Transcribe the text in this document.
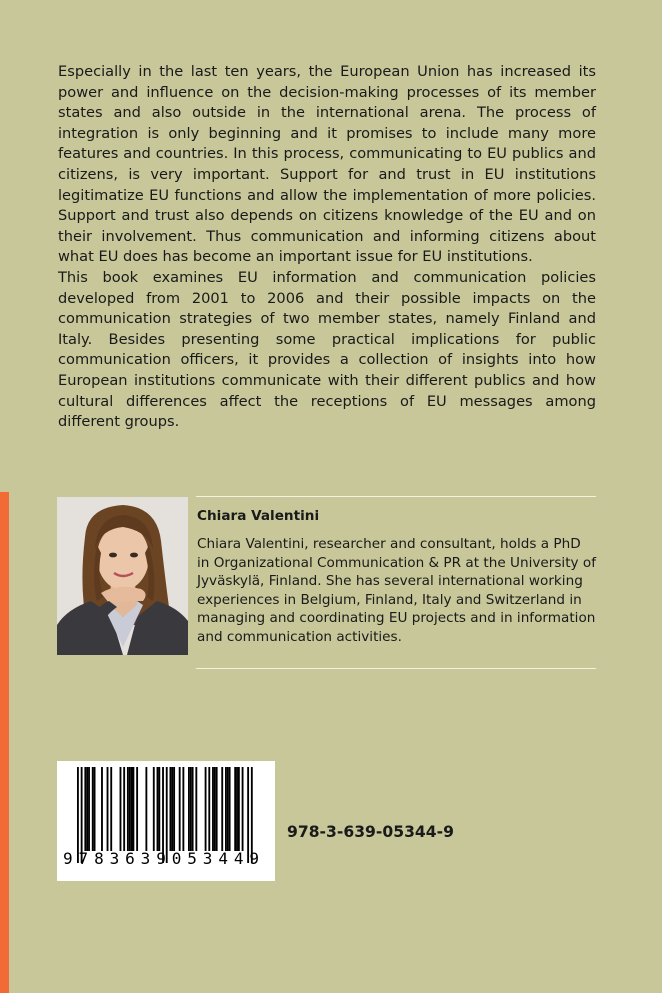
Especially in the last ten years, the European Union has increased its power and influence on the decision-making processes of its member states and also outside in the international arena. The process of integration is only beginning and it promises to include many more features and countries. In this process, communicating to EU publics and citizens, is very important. Support for and trust in EU institutions legitimatize EU functions and allow the implementation of more policies. Support and trust also depends on citizens knowledge of the EU and on their involvement. Thus communication and informing citizens about what EU does has become an important issue for EU institutions.

This book examines EU information and communication policies developed from 2001 to 2006 and their possible impacts on the communication strategies of two member states, namely Finland and Italy. Besides presenting some practical implications for public communication officers, it provides a collection of insights into how European institutions communicate with their different publics and how cultural differences affect the receptions of EU messages among different groups.

Chiara Valentini

Chiara Valentini, researcher and consultant, holds a PhD in Organizational Communication & PR at the University of Jyväskylä, Finland. She has several international working experiences in Belgium, Finland, Italy and Switzerland in managing and coordinating EU projects and in information and communication activities.

9783639053449
978-3-639-05344-9
